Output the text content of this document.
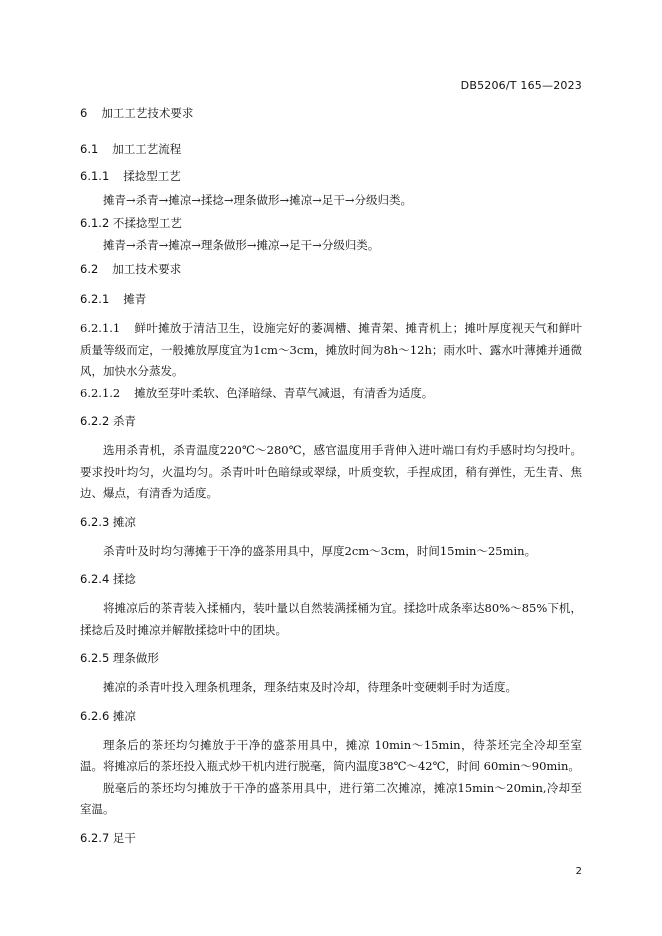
DB5206/T 165—2023
6 加工工艺技术要求
6.1 加工工艺流程
6.1.1 揉捻型工艺

摊青→杀青→摊凉→揉捻→理条做形→摊凉→足干→分级归类。

6.1.2 不揉捻型工艺

摊青→杀青→摊凉→理条做形→摊凉→足干→分级归类。

6.2 加工技术要求
6.2.1 摊青

6.2.1.1 鲜叶摊放于清洁卫生，设施完好的萎凋槽、摊青架、摊青机上；摊叶厚度视天气和鲜叶质量等级而定，一般摊放厚度宜为1cm～3cm，摊放时间为8h～12h；雨水叶、露水叶薄摊并通微风，加快水分蒸发。

6.2.1.2 摊放至芽叶柔软、色泽暗绿、青草气减退，有清香为适度。

6.2.2 杀青

选用杀青机，杀青温度220℃～280℃，感官温度用手背伸入进叶端口有灼手感时均匀投叶。要求投叶均匀，火温均匀。杀青叶叶色暗绿或翠绿，叶质变软，手捏成团，稍有弹性，无生青、焦边、爆点，有清香为适度。

6.2.3 摊凉

杀青叶及时均匀薄摊于干净的盛茶用具中，厚度2cm～3cm，时间15min～25min。

6.2.4 揉捻

将摊凉后的茶青装入揉桶内，装叶量以自然装满揉桶为宜。揉捻叶成条率达80%～85%下机，揉捻后及时摊凉并解散揉捻叶中的团块。

6.2.5 理条做形

摊凉的杀青叶投入理条机理条，理条结束及时冷却，待理条叶变硬刺手时为适度。

6.2.6 摊凉

理条后的茶坯均匀摊放于干净的盛茶用具中，摊凉 10min～15min，待茶坯完全冷却至室温。将摊凉后的茶坯投入瓶式炒干机内进行脱毫，筒内温度38℃～42℃，时间 60min～90min。

脱毫后的茶坯均匀摊放于干净的盛茶用具中，进行第二次摊凉，摊凉15min～20min,冷却至室温。

6.2.7 足干
2
